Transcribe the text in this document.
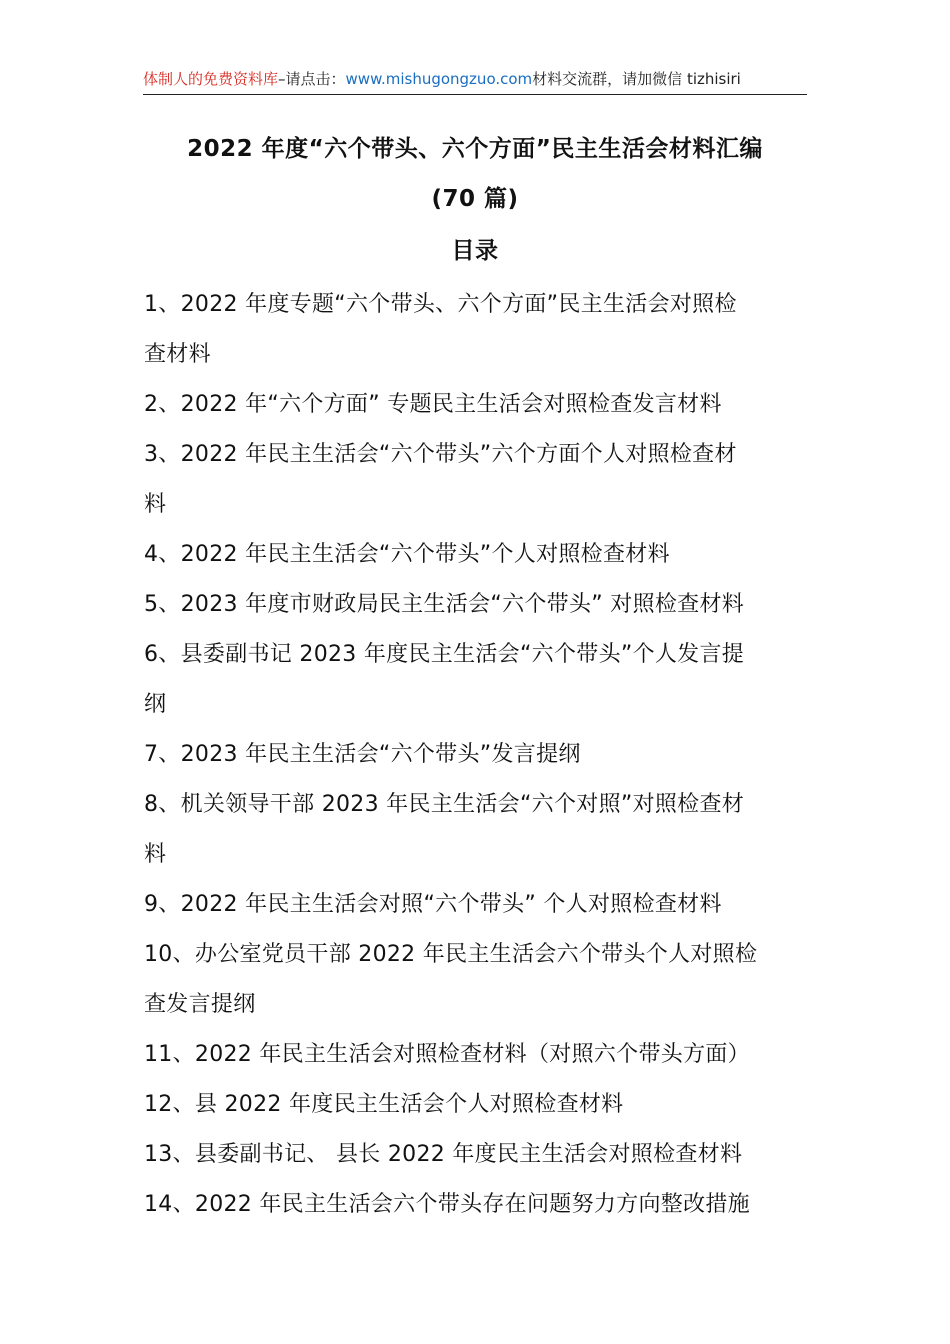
体制人的免费资料库–请点击：www.mishugongzuo.com材料交流群，请加微信 tizhisiri
2022 年度“六个带头、六个方面”民主生活会材料汇编
(70 篇)
目录
1、2022 年度专题“六个带头、六个方面”民主生活会对照检
查材料
2、2022 年“六个方面” 专题民主生活会对照检查发言材料
3、2022 年民主生活会“六个带头”六个方面个人对照检查材
料
4、2022 年民主生活会“六个带头”个人对照检查材料
5、2023 年度市财政局民主生活会“六个带头” 对照检查材料
6、县委副书记 2023 年度民主生活会“六个带头”个人发言提
纲
7、2023 年民主生活会“六个带头”发言提纲
8、机关领导干部 2023 年民主生活会“六个对照”对照检查材
料
9、2022 年民主生活会对照“六个带头” 个人对照检查材料
10、办公室党员干部 2022 年民主生活会六个带头个人对照检
查发言提纲
11、2022 年民主生活会对照检查材料（对照六个带头方面）
12、县 2022 年度民主生活会个人对照检查材料
13、县委副书记、 县长 2022 年度民主生活会对照检查材料
14、2022 年民主生活会六个带头存在问题努力方向整改措施
